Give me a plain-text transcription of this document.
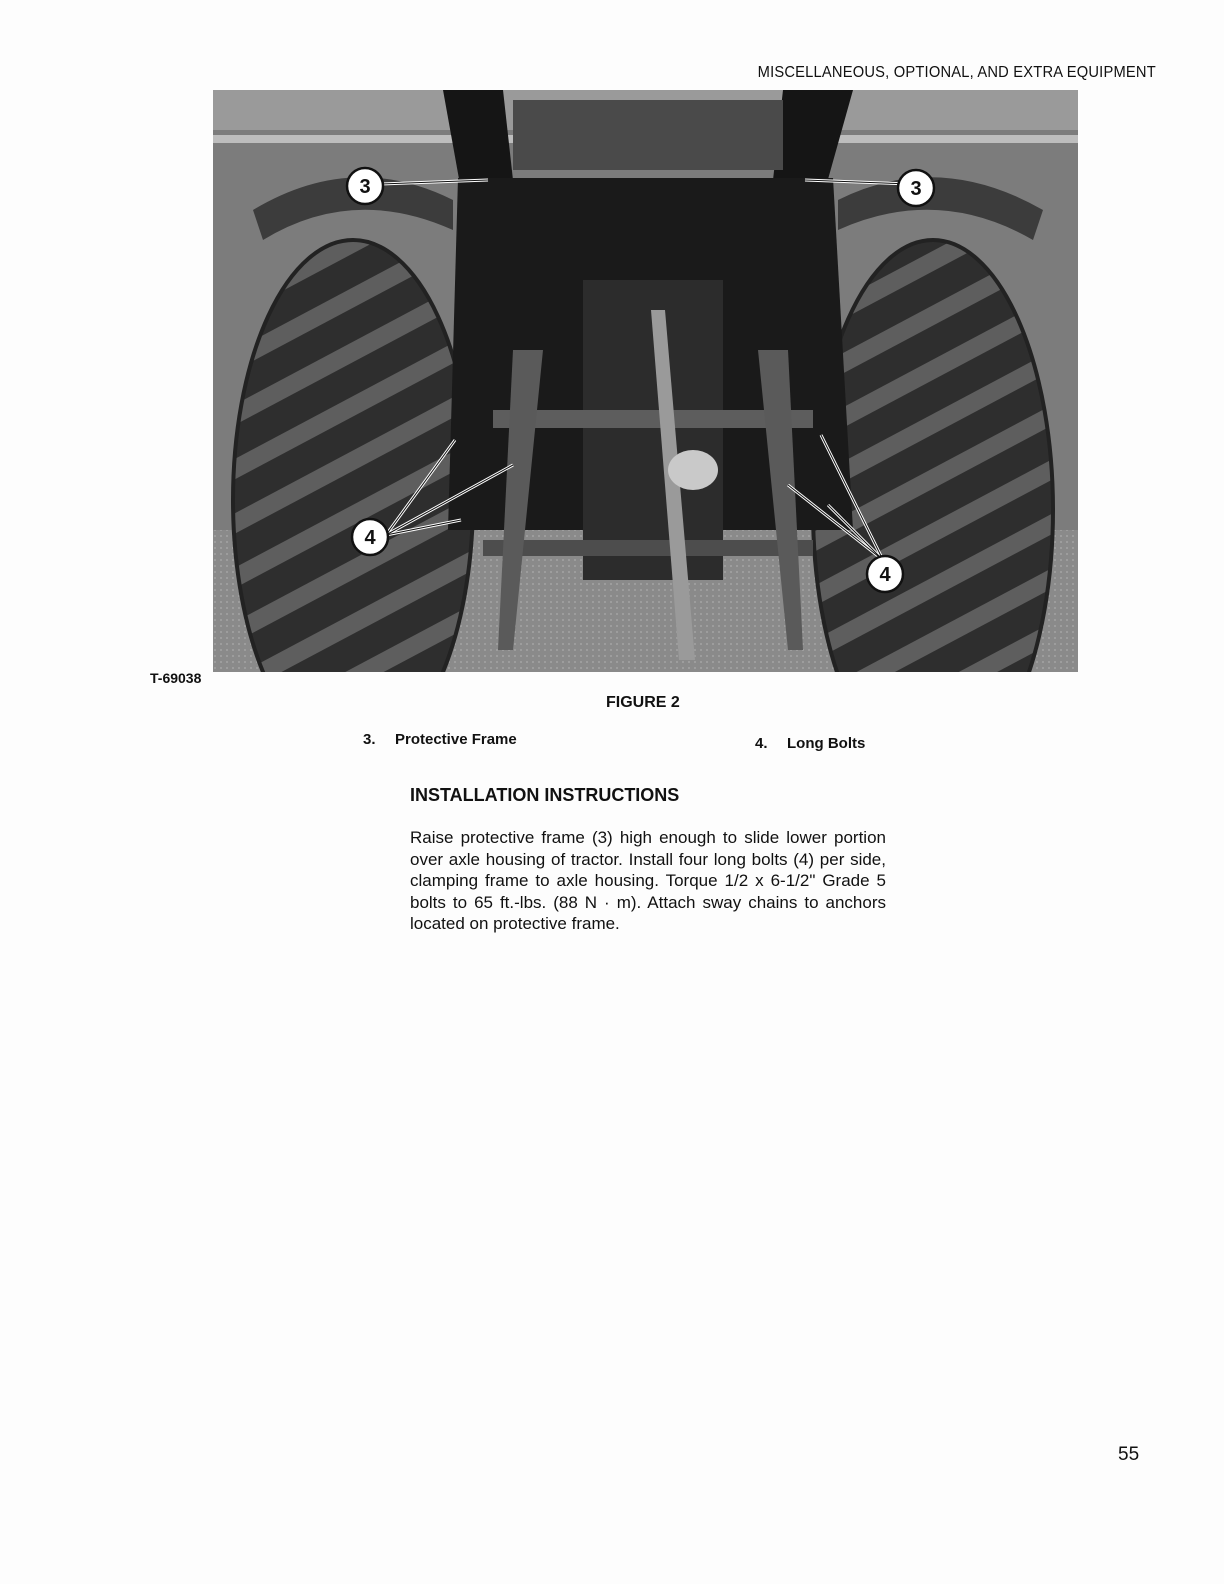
MISCELLANEOUS, OPTIONAL, AND EXTRA EQUIPMENT
3	3
4
4
T-69038
FIGURE 2
3. Protective Frame	4. Long Bolts
INSTALLATION INSTRUCTIONS
Raise protective frame (3) high enough to slide lower portion over axle housing of tractor. Install four long bolts (4) per side, clamping frame to axle housing. Torque 1/2 x 6-1/2" Grade 5 bolts to 65 ft.-lbs. (88 N · m). Attach sway chains to anchors located on protective frame.
55
